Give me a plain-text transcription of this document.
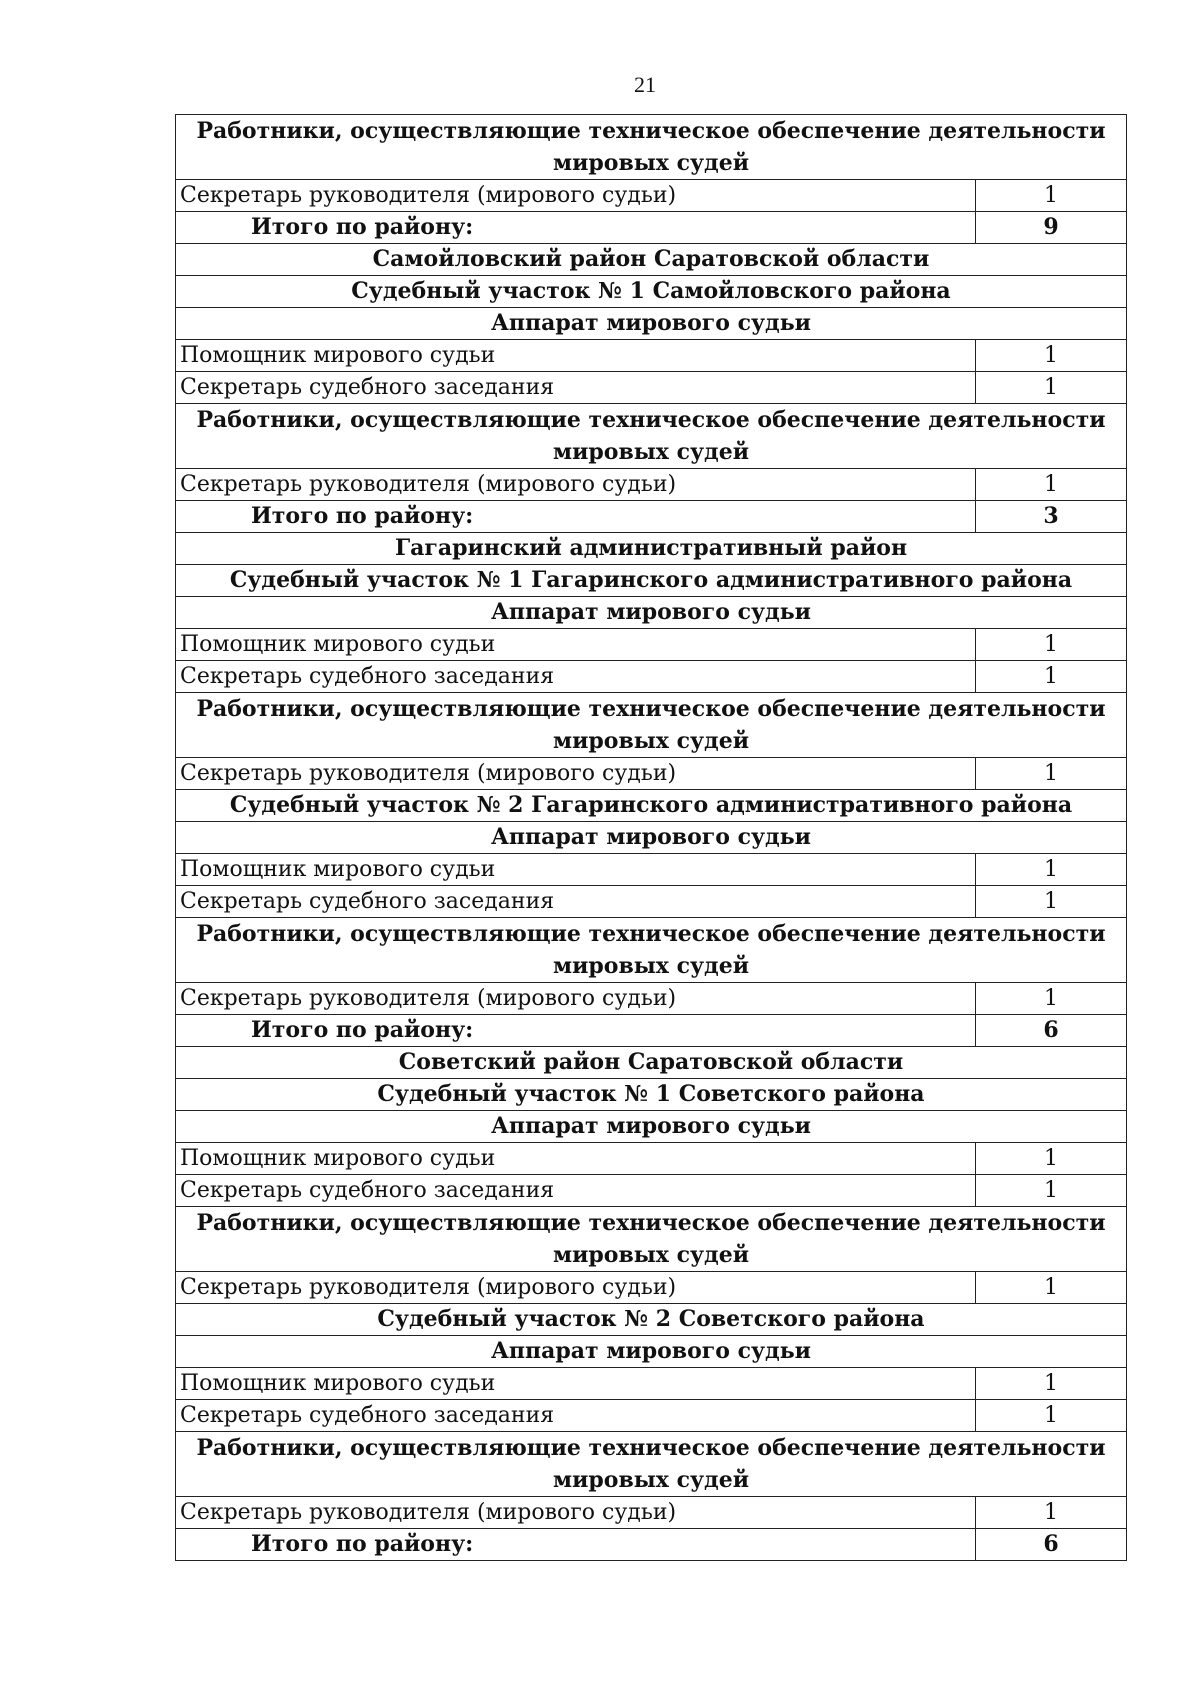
21
Работники, осуществляющие техническое обеспечение деятельности мировых судей	
Секретарь руководителя (мирового судьи)	1
Итого по району:	9
Самойловский район Саратовской области	
Судебный участок № 1 Самойловского района	
Аппарат мирового судьи	
Помощник мирового судьи	1
Секретарь судебного заседания	1
Работники, осуществляющие техническое обеспечение деятельности мировых судей	
Секретарь руководителя (мирового судьи)	1
Итого по району:	3
Гагаринский административный район	
Судебный участок № 1 Гагаринского административного района	
Аппарат мирового судьи	
Помощник мирового судьи	1
Секретарь судебного заседания	1
Работники, осуществляющие техническое обеспечение деятельности мировых судей	
Секретарь руководителя (мирового судьи)	1
Судебный участок № 2 Гагаринского административного района	
Аппарат мирового судьи	
Помощник мирового судьи	1
Секретарь судебного заседания	1
Работники, осуществляющие техническое обеспечение деятельности мировых судей	
Секретарь руководителя (мирового судьи)	1
Итого по району:	6
Советский район Саратовской области	
Судебный участок № 1 Советского района	
Аппарат мирового судьи	
Помощник мирового судьи	1
Секретарь судебного заседания	1
Работники, осуществляющие техническое обеспечение деятельности мировых судей	
Секретарь руководителя (мирового судьи)	1
Судебный участок № 2 Советского района	
Аппарат мирового судьи	
Помощник мирового судьи	1
Секретарь судебного заседания	1
Работники, осуществляющие техническое обеспечение деятельности мировых судей	
Секретарь руководителя (мирового судьи)	1
Итого по району:	6
